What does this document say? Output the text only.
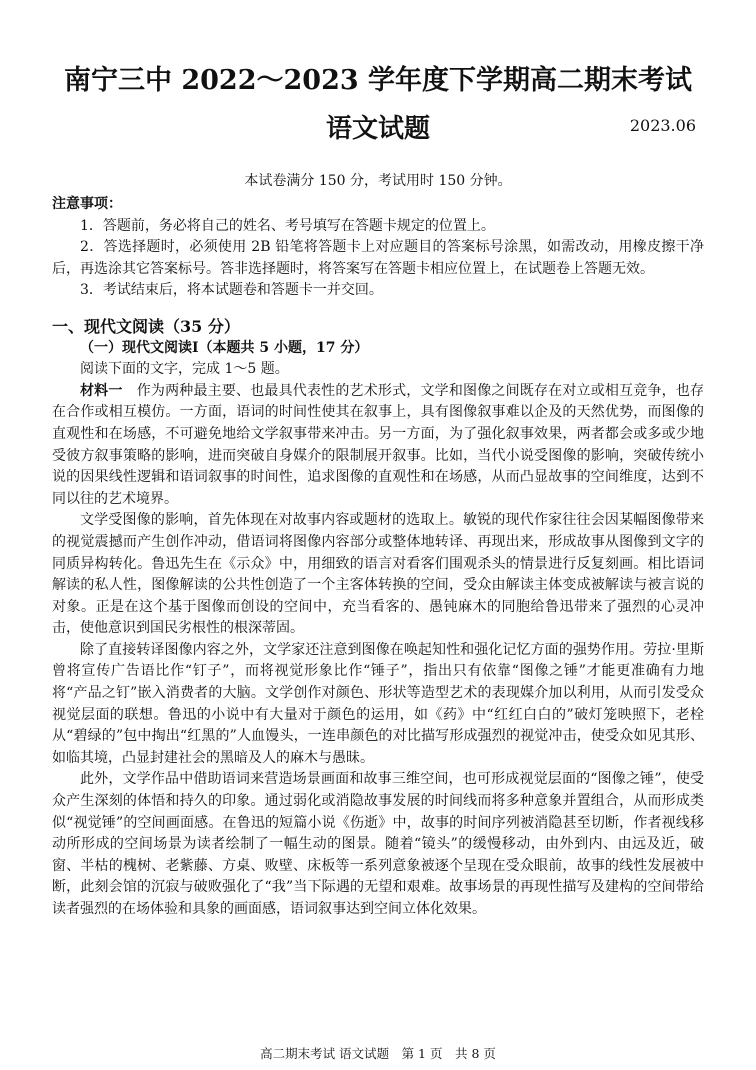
南宁三中 2022～2023 学年度下学期高二期末考试
语文试题	2023.06
本试卷满分 150 分，考试用时 150 分钟。

注意事项：

1．答题前，务必将自己的姓名、考号填写在答题卡规定的位置上。

2．答选择题时，必须使用 2B 铅笔将答题卡上对应题目的答案标号涂黑，如需改动，用橡皮擦干净后，再选涂其它答案标号。答非选择题时，将答案写在答题卡相应位置上，在试题卷上答题无效。

3．考试结束后，将本试题卷和答题卡一并交回。

一、现代文阅读（35 分）

（一）现代文阅读Ⅰ（本题共 5 小题，17 分）

阅读下面的文字，完成 1～5 题。

材料一　 作为两种最主要、也最具代表性的艺术形式，文学和图像之间既存在对立或相互竞争，也存在合作或相互模仿。一方面，语词的时间性使其在叙事上，具有图像叙事难以企及的天然优势，而图像的直观性和在场感，不可避免地给文学叙事带来冲击。另一方面，为了强化叙事效果，两者都会或多或少地受彼方叙事策略的影响，进而突破自身媒介的限制展开叙事。比如，当代小说受图像的影响，突破传统小说的因果线性逻辑和语词叙事的时间性，追求图像的直观性和在场感，从而凸显故事的空间维度，达到不同以往的艺术境界。

文学受图像的影响，首先体现在对故事内容或题材的选取上。敏锐的现代作家往往会因某幅图像带来的视觉震撼而产生创作冲动，借语词将图像内容部分或整体地转译、再现出来，形成故事从图像到文字的同质异构转化。鲁迅先生在《示众》中，用细致的语言对看客们围观杀头的情景进行反复刻画。相比语词解读的私人性，图像解读的公共性创造了一个主客体转换的空间，受众由解读主体变成被解读与被言说的对象。正是在这个基于图像而创设的空间中，充当看客的、愚钝麻木的同胞给鲁迅带来了强烈的心灵冲击，使他意识到国民劣根性的根深蒂固。

除了直接转译图像内容之外，文学家还注意到图像在唤起知性和强化记忆方面的强势作用。劳拉·里斯曾将宣传广告语比作“钉子”，而将视觉形象比作“锤子”，指出只有依靠“图像之锤”才能更准确有力地将“产品之钉”嵌入消费者的大脑。文学创作对颜色、形状等造型艺术的表现媒介加以利用，从而引发受众视觉层面的联想。鲁迅的小说中有大量对于颜色的运用，如《药》中“红红白白的”破灯笼映照下，老栓从“碧绿的”包中掏出“红黑的”人血馒头，一连串颜色的对比描写形成强烈的视觉冲击，使受众如见其形、如临其境，凸显封建社会的黑暗及人的麻木与愚昧。

此外，文学作品中借助语词来营造场景画面和故事三维空间，也可形成视觉层面的“图像之锤”，使受众产生深刻的体悟和持久的印象。通过弱化或消隐故事发展的时间线而将多种意象并置组合，从而形成类似“视觉锤”的空间画面感。在鲁迅的短篇小说《伤逝》中，故事的时间序列被消隐甚至切断，作者视线移动所形成的空间场景为读者绘制了一幅生动的图景。随着“镜头”的缓慢移动，由外到内、由远及近，破窗、半枯的槐树、老紫藤、方桌、败壁、床板等一系列意象被逐个呈现在受众眼前，故事的线性发展被中断，此刻会馆的沉寂与破败强化了“我”当下际遇的无望和艰难。故事场景的再现性描写及建构的空间带给读者强烈的在场体验和具象的画面感，语词叙事达到空间立体化效果。

高二期末考试 语文试题　第 1 页　共 8 页
